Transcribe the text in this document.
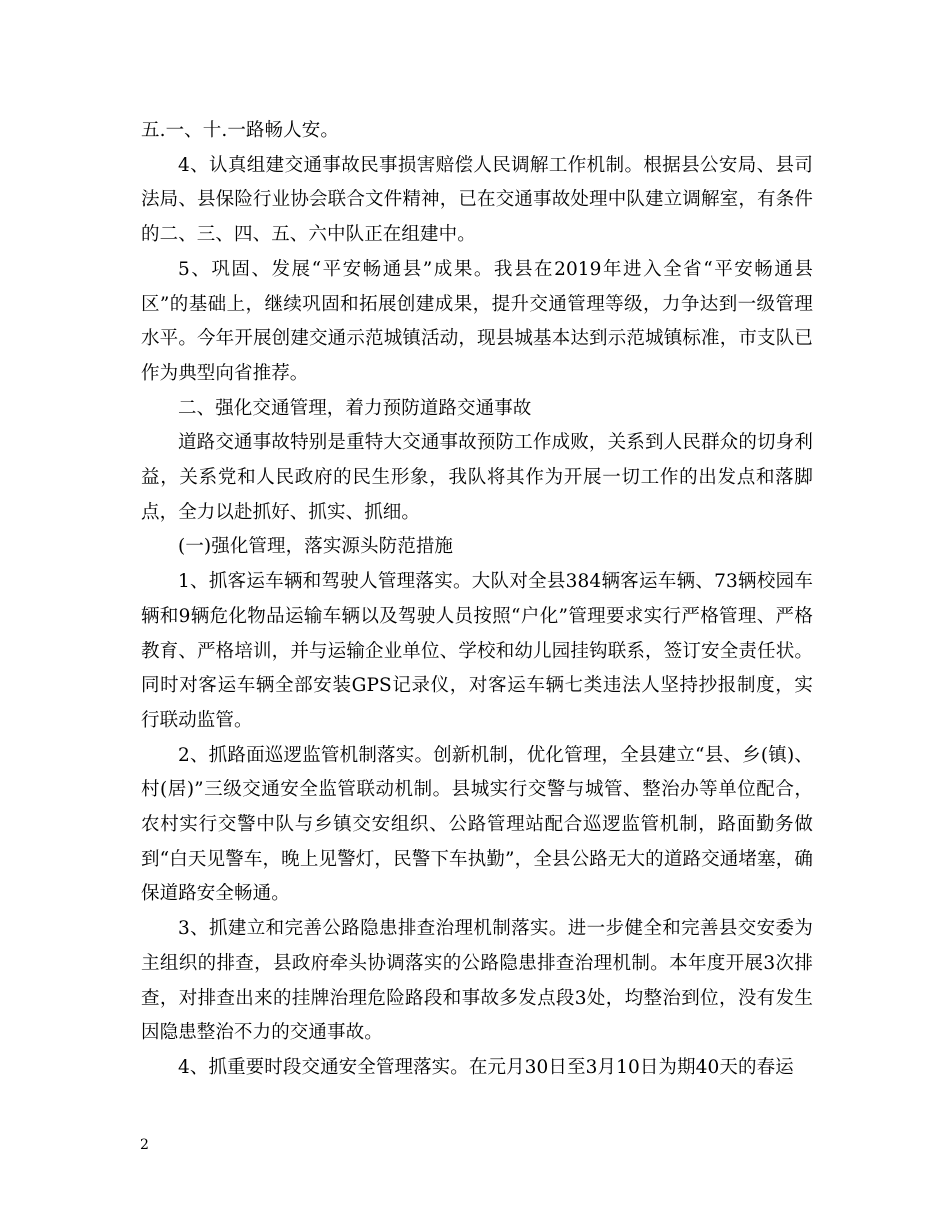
五.一、十.一路畅人安。

4、认真组建交通事故民事损害赔偿人民调解工作机制。根据县公安局、县司法局、县保险行业协会联合文件精神，已在交通事故处理中队建立调解室，有条件的二、三、四、五、六中队正在组建中。

5、巩固、发展“平安畅通县”成果。我县在2019年进入全省“平安畅通县区”的基础上，继续巩固和拓展创建成果，提升交通管理等级，力争达到一级管理水平。今年开展创建交通示范城镇活动，现县城基本达到示范城镇标准，市支队已作为典型向省推荐。

二、强化交通管理，着力预防道路交通事故

道路交通事故特别是重特大交通事故预防工作成败，关系到人民群众的切身利益，关系党和人民政府的民生形象，我队将其作为开展一切工作的出发点和落脚点，全力以赴抓好、抓实、抓细。

(一)强化管理，落实源头防范措施

1、抓客运车辆和驾驶人管理落实。大队对全县384辆客运车辆、73辆校园车辆和9辆危化物品运输车辆以及驾驶人员按照“户化”管理要求实行严格管理、严格教育、严格培训，并与运输企业单位、学校和幼儿园挂钩联系，签订安全责任状。同时对客运车辆全部安装GPS记录仪，对客运车辆七类违法人坚持抄报制度，实行联动监管。

2、抓路面巡逻监管机制落实。创新机制，优化管理，全县建立“县、乡(镇)、村(居)”三级交通安全监管联动机制。县城实行交警与城管、整治办等单位配合，农村实行交警中队与乡镇交安组织、公路管理站配合巡逻监管机制，路面勤务做到“白天见警车，晚上见警灯，民警下车执勤”，全县公路无大的道路交通堵塞，确保道路安全畅通。

3、抓建立和完善公路隐患排查治理机制落实。进一步健全和完善县交安委为主组织的排查，县政府牵头协调落实的公路隐患排查治理机制。本年度开展3次排查，对排查出来的挂牌治理危险路段和事故多发点段3处，均整治到位，没有发生因隐患整治不力的交通事故。

4、抓重要时段交通安全管理落实。在元月30日至3月10日为期40天的春运

2
